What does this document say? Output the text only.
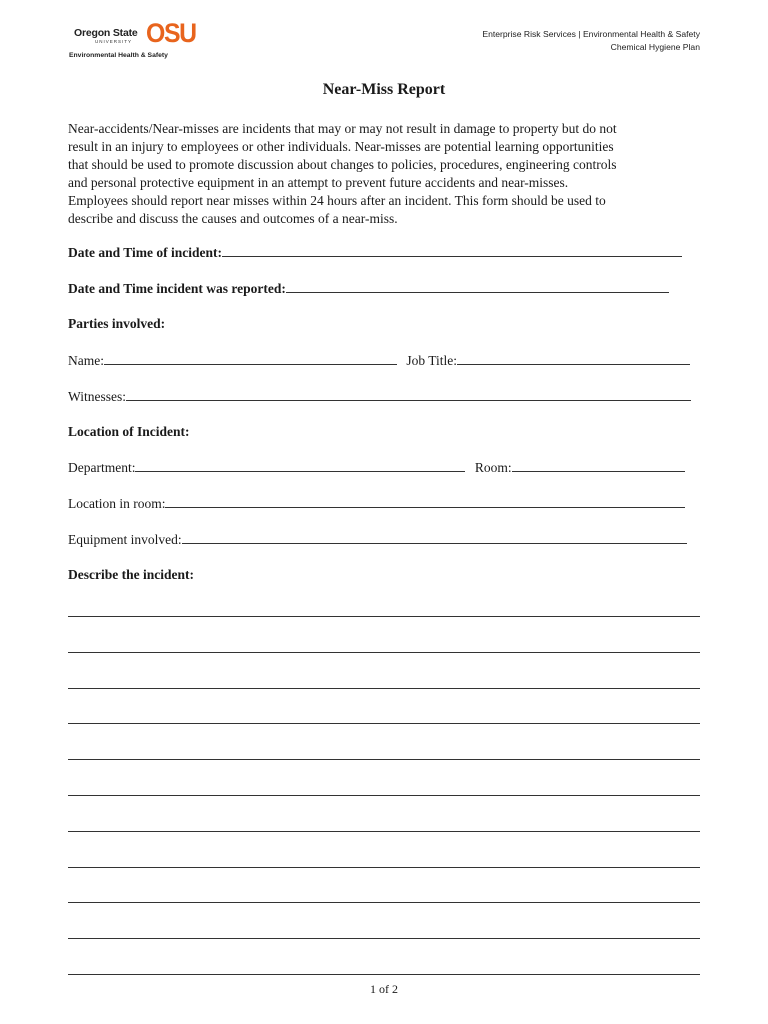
Oregon State
UNIVERSITY OSU
Environmental Health & Safety
Enterprise Risk Services | Environmental Health & Safety
Chemical Hygiene Plan
Near-Miss Report

Near-accidents/Near-misses are incidents that may or may not result in damage to property but do not
result in an injury to employees or other individuals. Near-misses are potential learning opportunities
that should be used to promote discussion about changes to policies, procedures, engineering controls
and personal protective equipment in an attempt to prevent future accidents and near-misses.
Employees should report near misses within 24 hours after an incident. This form should be used to
describe and discuss the causes and outcomes of a near-miss.

Date and Time of incident:
Date and Time incident was reported:
Parties involved:
Name:	Job Title:
Witnesses:
Location of Incident:
Department:	Room:
Location in room:
Equipment involved:
Describe the incident:
1 of 2
